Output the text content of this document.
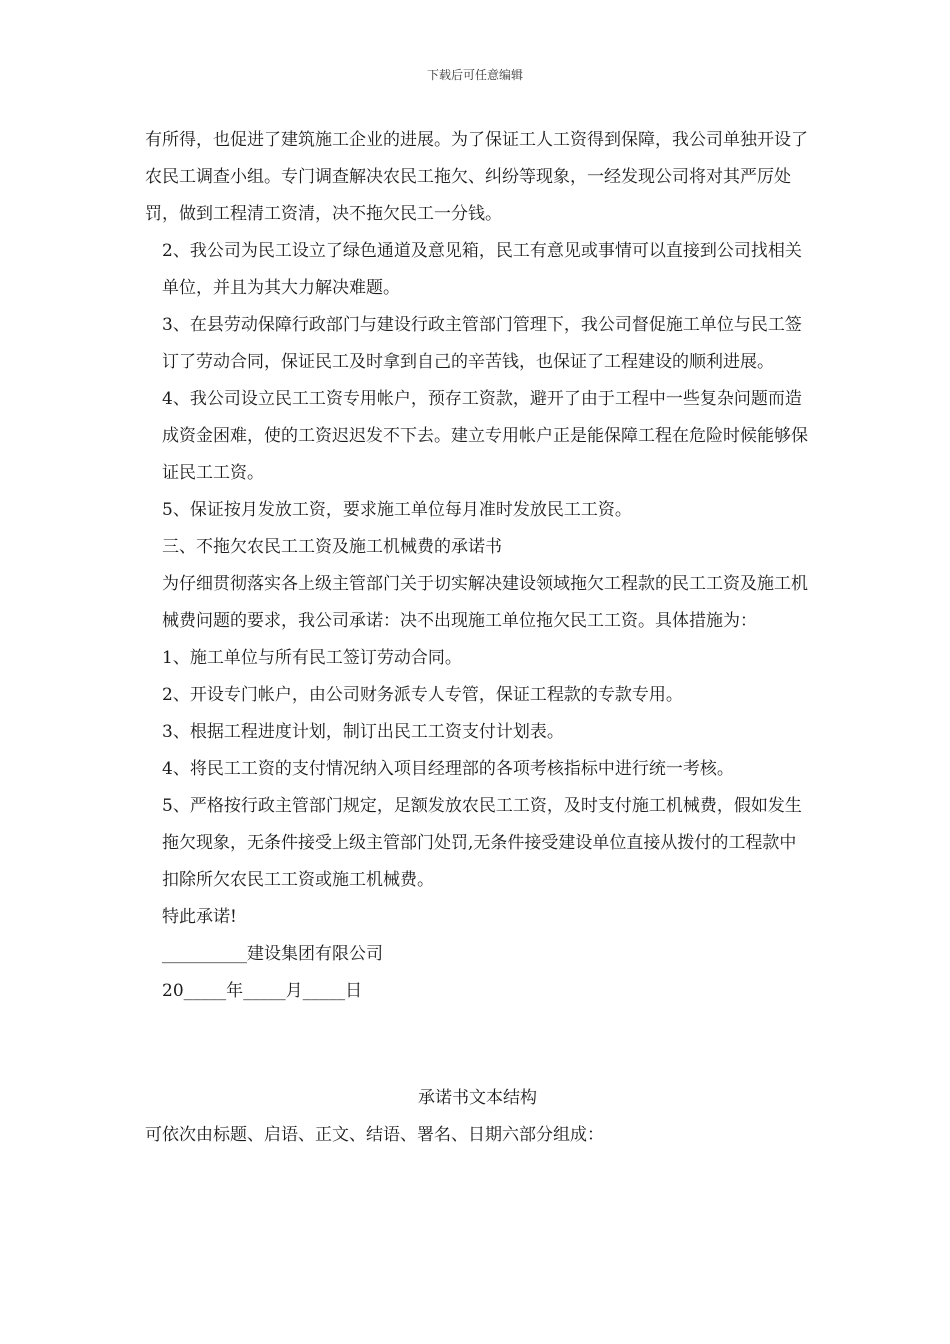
下载后可任意编辑

有所得，也促进了建筑施工企业的进展。为了保证工人工资得到保障，我公司单独开设了农民工调查小组。专门调查解决农民工拖欠、纠纷等现象，一经发现公司将对其严厉处罚，做到工程清工资清，决不拖欠民工一分钱。

2、我公司为民工设立了绿色通道及意见箱，民工有意见或事情可以直接到公司找相关单位，并且为其大力解决难题。

3、在县劳动保障行政部门与建设行政主管部门管理下，我公司督促施工单位与民工签订了劳动合同，保证民工及时拿到自己的辛苦钱，也保证了工程建设的顺利进展。

4、我公司设立民工工资专用帐户，预存工资款，避开了由于工程中一些复杂问题而造成资金困难，使的工资迟迟发不下去。建立专用帐户正是能保障工程在危险时候能够保证民工工资。

5、保证按月发放工资，要求施工单位每月准时发放民工工资。

三、不拖欠农民工工资及施工机械费的承诺书

为仔细贯彻落实各上级主管部门关于切实解决建设领域拖欠工程款的民工工资及施工机械费问题的要求，我公司承诺：决不出现施工单位拖欠民工工资。具体措施为：

1、施工单位与所有民工签订劳动合同。

2、开设专门帐户，由公司财务派专人专管，保证工程款的专款专用。

3、根据工程进度计划，制订出民工工资支付计划表。

4、将民工工资的支付情况纳入项目经理部的各项考核指标中进行统一考核。

5、严格按行政主管部门规定，足额发放农民工工资，及时支付施工机械费，假如发生拖欠现象，无条件接受上级主管部门处罚,无条件接受建设单位直接从拨付的工程款中扣除所欠农民工工资或施工机械费。

特此承诺!

__________建设集团有限公司

20_____年_____月_____日

承诺书文本结构

可依次由标题、启语、正文、结语、署名、日期六部分组成：
